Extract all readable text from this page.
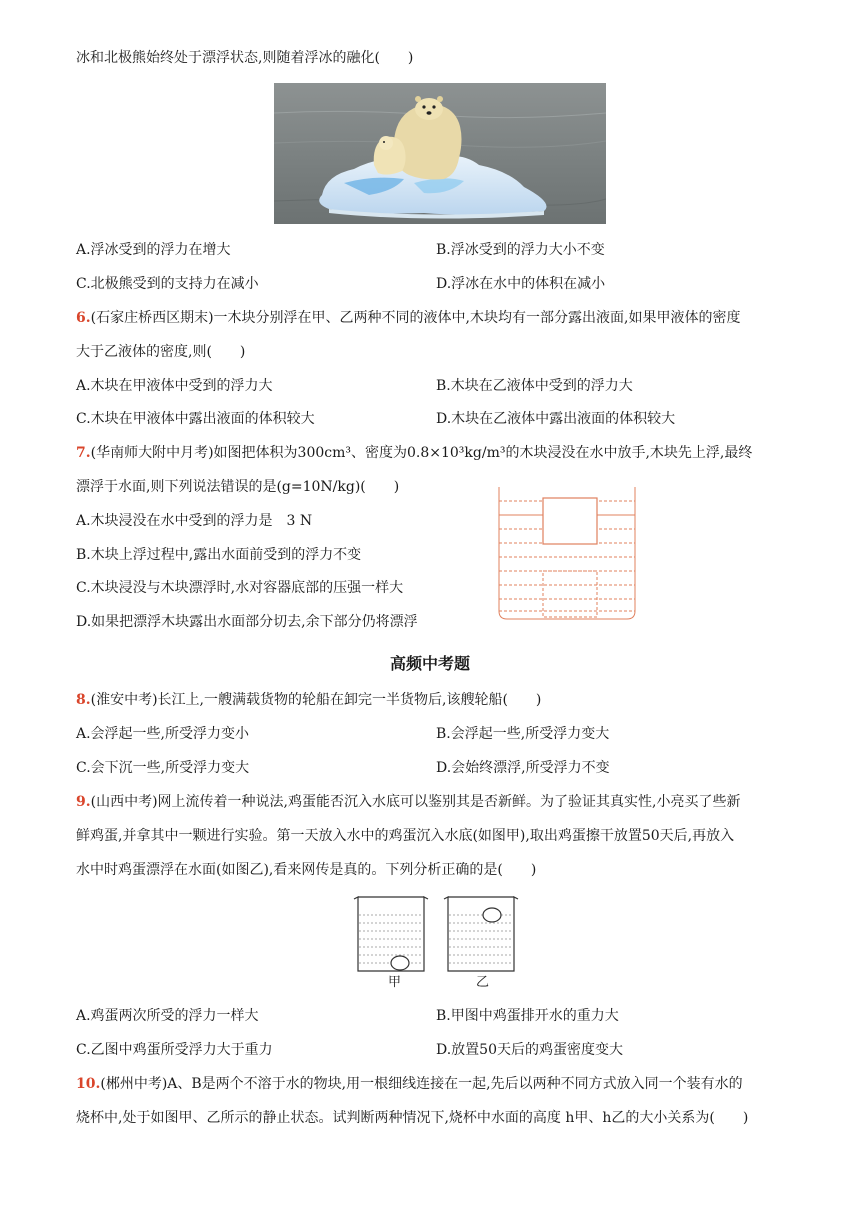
冰和北极熊始终处于漂浮状态,则随着浮冰的融化(　　)
A.浮冰受到的浮力在增大	B.浮冰受到的浮力大小不变
C.北极熊受到的支持力在减小	D.浮冰在水中的体积在减小
6.(石家庄桥西区期末)一木块分别浮在甲、乙两种不同的液体中,木块均有一部分露出液面,如果甲液体的密度
大于乙液体的密度,则(　　)
A.木块在甲液体中受到的浮力大	B.木块在乙液体中受到的浮力大
C.木块在甲液体中露出液面的体积较大	D.木块在乙液体中露出液面的体积较大
7.(华南师大附中月考)如图把体积为300cm³、密度为0.8×10³kg/m³的木块浸没在水中放手,木块先上浮,最终
漂浮于水面,则下列说法错误的是(g=10N/kg)(　　)
A.木块浸没在水中受到的浮力是　3 N
B.木块上浮过程中,露出水面前受到的浮力不变
C.木块浸没与木块漂浮时,水对容器底部的压强一样大
D.如果把漂浮木块露出水面部分切去,余下部分仍将漂浮
高频中考题
8.(淮安中考)长江上,一艘满载货物的轮船在卸完一半货物后,该艘轮船(　　)
A.会浮起一些,所受浮力变小	B.会浮起一些,所受浮力变大
C.会下沉一些,所受浮力变大	D.会始终漂浮,所受浮力不变
9.(山西中考)网上流传着一种说法,鸡蛋能否沉入水底可以鉴别其是否新鲜。为了验证其真实性,小亮买了些新
鲜鸡蛋,并拿其中一颗进行实验。第一天放入水中的鸡蛋沉入水底(如图甲),取出鸡蛋擦干放置50天后,再放入
水中时鸡蛋漂浮在水面(如图乙),看来网传是真的。下列分析正确的是(　　)
甲	乙
A.鸡蛋两次所受的浮力一样大	B.甲图中鸡蛋排开水的重力大
C.乙图中鸡蛋所受浮力大于重力	D.放置50天后的鸡蛋密度变大
10.(郴州中考)A、B是两个不溶于水的物块,用一根细线连接在一起,先后以两种不同方式放入同一个装有水的
烧杯中,处于如图甲、乙所示的静止状态。试判断两种情况下,烧杯中水面的高度 h甲、h乙的大小关系为(　　)
